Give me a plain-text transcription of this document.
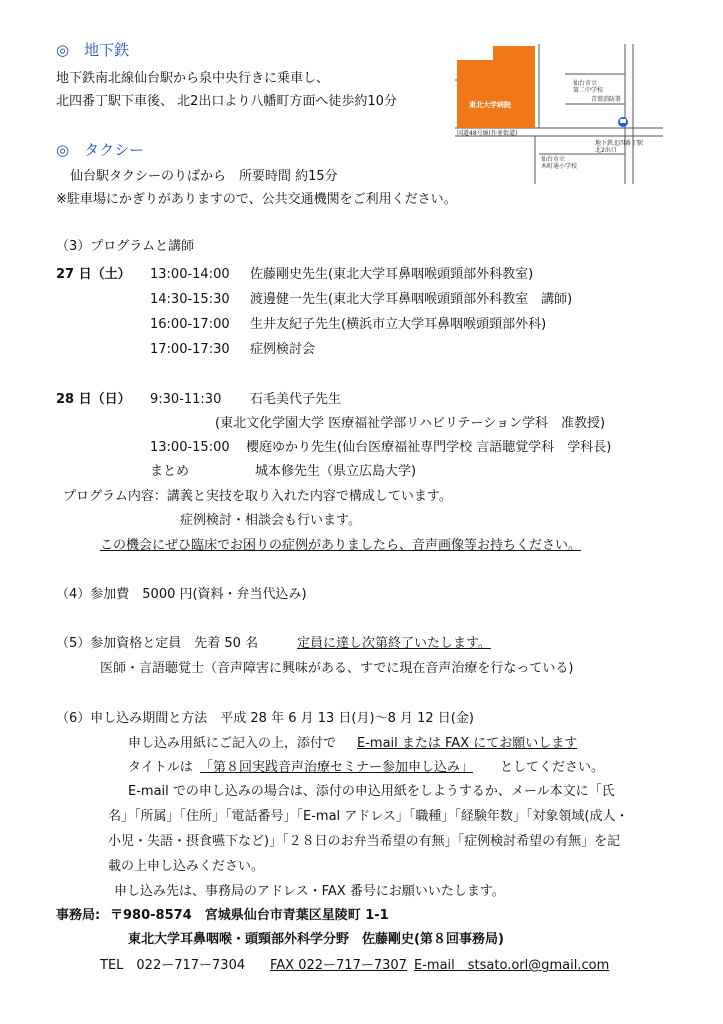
◎　地下鉄
地下鉄南北線仙台駅から泉中央行きに乗車し、
北四番丁駅下車後、 北2出口より八幡町方面へ徒歩約10分
◎　タクシー
仙台駅タクシーのりばから　所要時間 約15分
※駐車場にかぎりがありますので、公共交通機関をご利用ください。
東北大学病院
国道48号線(作並街道)
仙台市立
第二中学校
青葉消防署
仙台市立
木町通小学校
地下鉄北四番丁駅
北2出口
（3）プログラムと講師
27 日（土） 13:00-14:00 佐藤剛史先生(東北大学耳鼻咽喉頭頸部外科教室)
14:30-15:30 渡邊健一先生(東北大学耳鼻咽喉頭頸部外科教室　講師)
16:00-17:00 生井友紀子先生(横浜市立大学耳鼻咽喉頭頸部外科)
17:00-17:30 症例検討会
28 日（日） 9:30-11:30 石毛美代子先生
(東北文化学園大学 医療福祉学部リハビリテーション学科　准教授)
13:00-15:00 櫻庭ゆかり先生(仙台医療福祉専門学校 言語聴覚学科　学科長)
まとめ	城本修先生（県立広島大学)
プログラム内容：講義と実技を取り入れた内容で構成しています。
症例検討・相談会も行います。
この機会にぜひ臨床でお困りの症例がありましたら、音声画像等お持ちください。
（4）参加費　5000 円(資料・弁当代込み)
（5）参加資格と定員　先着 50 名	定員に達し次第終了いたします。
医師・言語聴覚士（音声障害に興味がある、すでに現在音声治療を行なっている)
（6）申し込み期間と方法　平成 28 年 6 月 13 日(月)～8 月 12 日(金)
申し込み用紙にご記入の上，添付で E-mail または FAX にてお願いします
タイトルは 「第８回実践音声治療セミナー参加申し込み」 としてください。
E-mail での申し込みの場合は、添付の申込用紙をしようするか、メール本文に「氏
名」「所属」「住所」「電話番号」「E-mal アドレス」「職種」「経験年数」「対象領域(成人・
小児・失語・摂食嚥下など)」「２８日のお弁当希望の有無」「症例検討希望の有無」を記
載の上申し込みください。
申し込み先は、事務局のアドレス・FAX 番号にお願いいたします。
事務局: 〒980-8574　宮城県仙台市青葉区星陵町 1-1
東北大学耳鼻咽喉・頭頸部外科学分野　佐藤剛史(第８回事務局)
TEL　022ー717ー7304 FAX 022ー717ー7307 E-mail　stsato.orl@gmail.com
